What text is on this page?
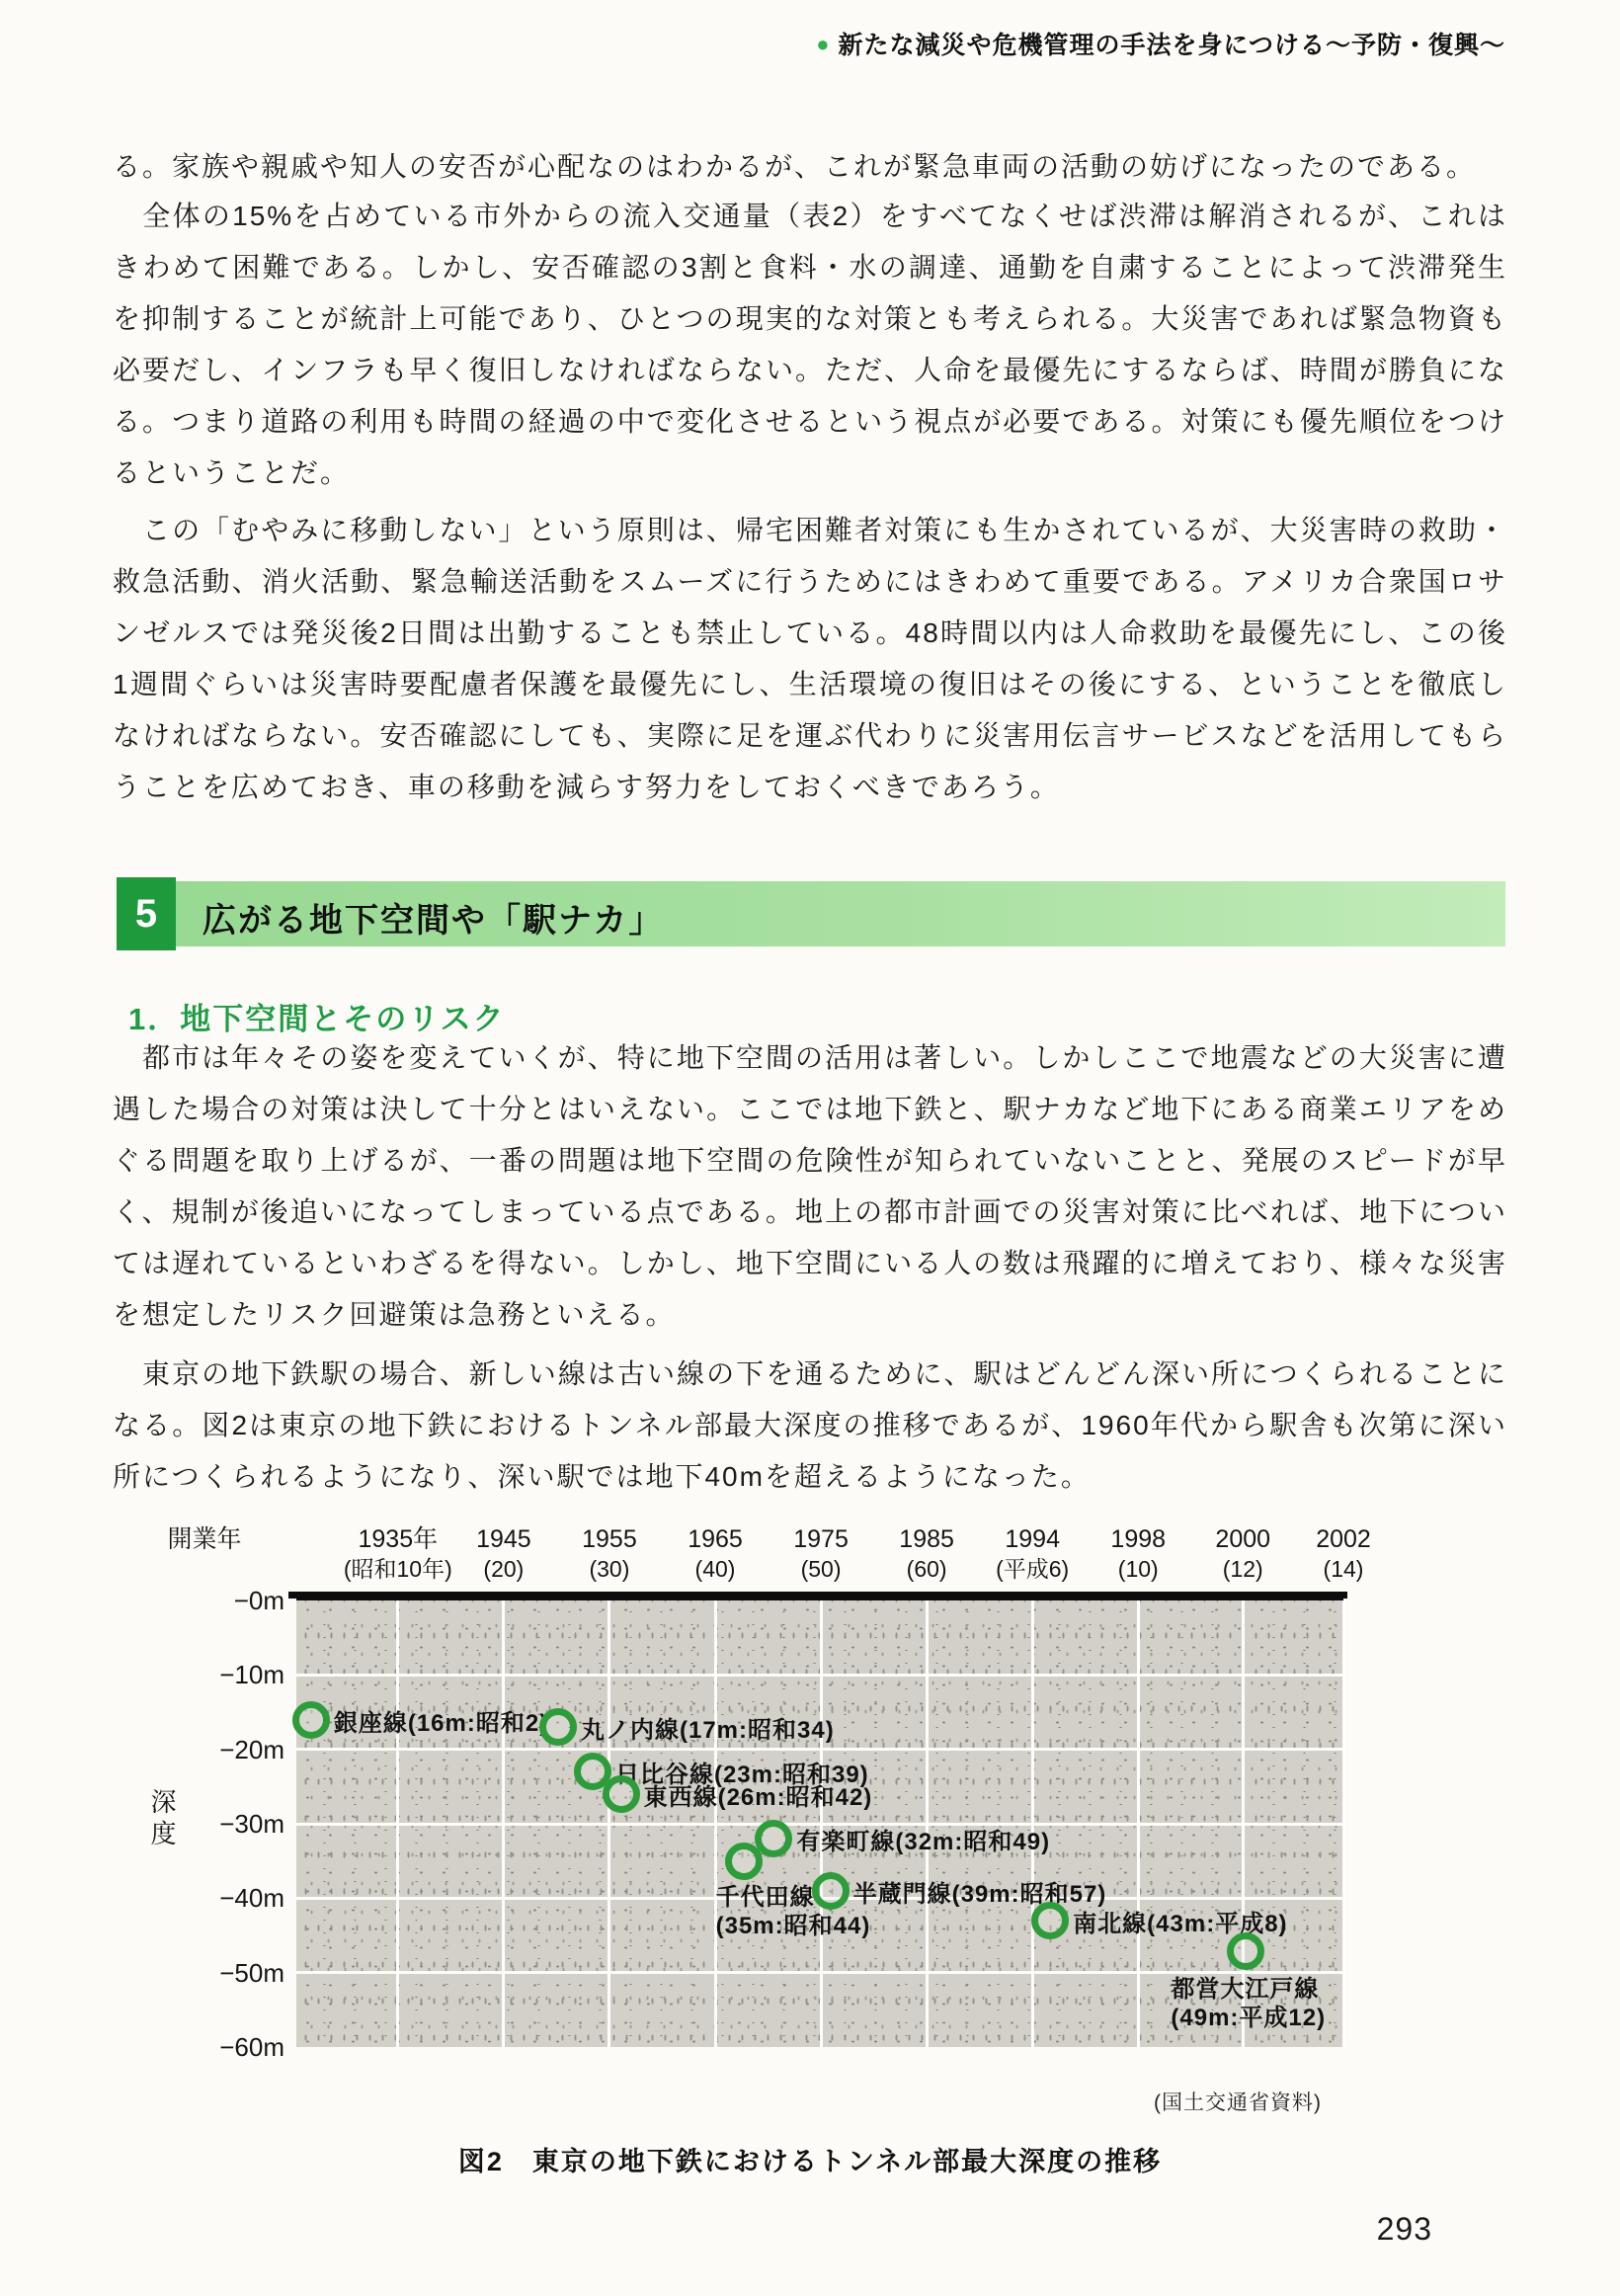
● 新たな減災や危機管理の手法を身につける〜予防・復興〜
る。家族や親戚や知人の安否が心配なのはわかるが、これが緊急車両の活動の妨げになったのである。
　全体の15%を占めている市外からの流入交通量（表2）をすべてなくせば渋滞は解消されるが、これはきわめて困難である。しかし、安否確認の3割と食料・水の調達、通勤を自粛することによって渋滞発生を抑制することが統計上可能であり、ひとつの現実的な対策とも考えられる。大災害であれば緊急物資も必要だし、インフラも早く復旧しなければならない。ただ、人命を最優先にするならば、時間が勝負になる。つまり道路の利用も時間の経過の中で変化させるという視点が必要である。対策にも優先順位をつけるということだ。
　この「むやみに移動しない」という原則は、帰宅困難者対策にも生かされているが、大災害時の救助・救急活動、消火活動、緊急輸送活動をスムーズに行うためにはきわめて重要である。アメリカ合衆国ロサンゼルスでは発災後2日間は出勤することも禁止している。48時間以内は人命救助を最優先にし、この後1週間ぐらいは災害時要配慮者保護を最優先にし、生活環境の復旧はその後にする、ということを徹底しなければならない。安否確認にしても、実際に足を運ぶ代わりに災害用伝言サービスなどを活用してもらうことを広めておき、車の移動を減らす努力をしておくべきであろう。
5	広がる地下空間や「駅ナカ」
1．地下空間とそのリスク
　都市は年々その姿を変えていくが、特に地下空間の活用は著しい。しかしここで地震などの大災害に遭遇した場合の対策は決して十分とはいえない。ここでは地下鉄と、駅ナカなど地下にある商業エリアをめぐる問題を取り上げるが、一番の問題は地下空間の危険性が知られていないことと、発展のスピードが早く、規制が後追いになってしまっている点である。地上の都市計画での災害対策に比べれば、地下については遅れているといわざるを得ない。しかし、地下空間にいる人の数は飛躍的に増えており、様々な災害を想定したリスク回避策は急務といえる。
　東京の地下鉄駅の場合、新しい線は古い線の下を通るために、駅はどんどん深い所につくられることになる。図2は東京の地下鉄におけるトンネル部最大深度の推移であるが、1960年代から駅舎も次第に深い所につくられるようになり、深い駅では地下40mを超えるようになった。
銀座線(16m:昭和2) 丸ノ内線(17m:昭和34)
日比谷線(23m:昭和39)
東西線(26m:昭和42)
有楽町線(32m:昭和49)
千代田線
(35m:昭和44)
半蔵門線(39m:昭和57)
南北線(43m:平成8)
都営大江戸線
(49m:平成12)
(国土交通省資料)
図2　東京の地下鉄におけるトンネル部最大深度の推移
293
開業年	1935年
(昭和10年)
1945
(20)
1955
(30)
1965
(40)
1975
(50)
1985
(60)
1994
(平成6)
1998
(10)
2000
(12)
2002
(14)
−0m
−10m
−20m
−30m
−40m
−50m
−60m
深度
